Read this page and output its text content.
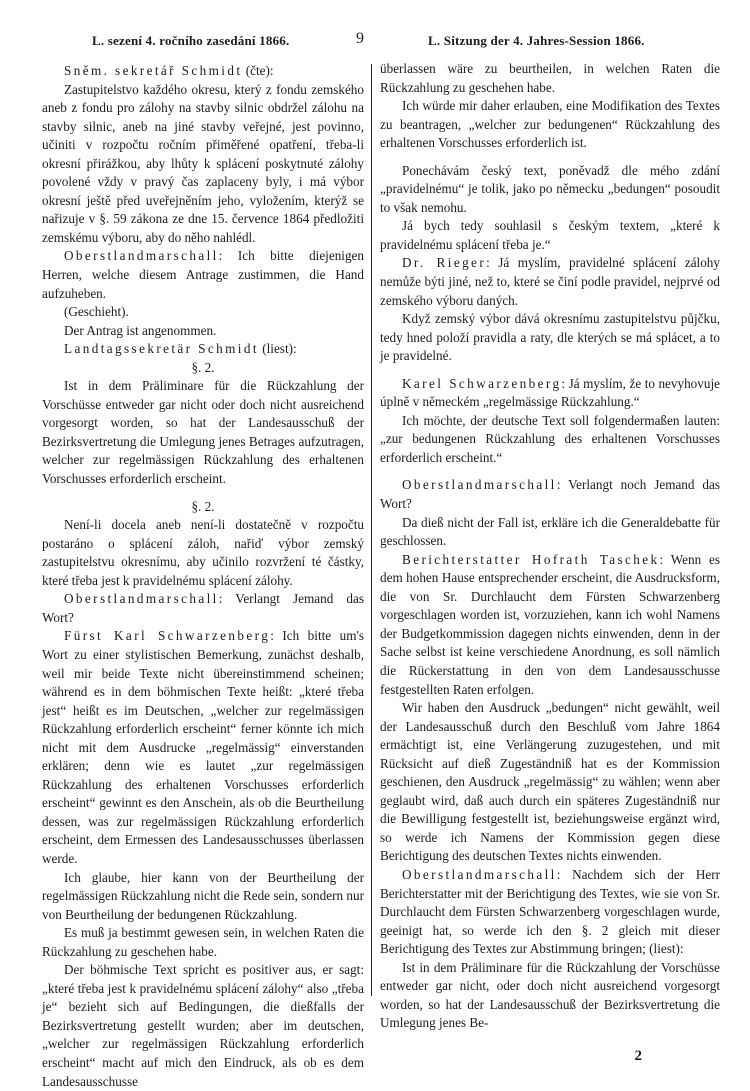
L. sezení 4. ročního zasedání 1866.	9	L. Sitzung der 4. Jahres-Session 1866.

Sněm. sekretář Schmidt (čte):

Zastupitelstvo každého okresu, který z fondu zemského aneb z fondu pro zálohy na stavby silnic obdržel zálohu na stavby silnic, aneb na jiné stavby veřejné, jest povinno, učiniti v rozpočtu ročním přiměřené opatření, třeba-li okresní přirážkou, aby lhůty k splácení poskytnuté zálohy povolené vždy v pravý čas zaplaceny byly, i má výbor okresní ještě před uveřejněním jeho, vyložením, kterýž se nařizuje v §. 59 zákona ze dne 15. července 1864 předložiti zemskému výboru, aby do něho nahlédl.

Oberstlandmarschall: Ich bitte diejenigen Herren, welche diesem Antrage zustimmen, die Hand aufzuheben.

(Geschieht).

Der Antrag ist angenommen.

Landtagssekretär Schmidt (liest):

§. 2.

Ist in dem Präliminare für die Rückzahlung der Vorschüsse entweder gar nicht oder doch nicht ausreichend vorgesorgt worden, so hat der Landesausschuß der Bezirksvertretung die Umlegung jenes Betrages aufzutragen, welcher zur regelmässigen Rückzahlung des erhaltenen Vorschusses erforderlich erscheint.

§. 2.

Není-li docela aneb není-li dostatečně v rozpočtu postaráno o splácení záloh, nařiď výbor zemský zastupitelstvu okresnímu, aby učinilo rozvržení té částky, které třeba jest k pravidelnému splácení zálohy.

Oberstlandmarschall: Verlangt Jemand das Wort?

Fürst Karl Schwarzenberg: Ich bitte um's Wort zu einer stylistischen Bemerkung, zunächst deshalb, weil mir beide Texte nicht übereinstimmend scheinen; während es in dem böhmischen Texte heißt: „které třeba jest“ heißt es im Deutschen, „welcher zur regelmässigen Rückzahlung erforderlich erscheint“ ferner könnte ich mich nicht mit dem Ausdrucke „regelmässig“ einverstanden erklären; denn wie es lautet „zur regelmässigen Rückzahlung des erhaltenen Vorschusses erforderlich erscheint“ gewinnt es den Anschein, als ob die Beurtheilung dessen, was zur regelmässigen Rückzahlung erforderlich erscheint, dem Ermessen des Landesausschusses überlassen werde.

Ich glaube, hier kann von der Beurtheilung der regelmässigen Rückzahlung nicht die Rede sein, sondern nur von Beurtheilung der bedungenen Rückzahlung.

Es muß ja bestimmt gewesen sein, in welchen Raten die Rückzahlung zu geschehen habe.

Der böhmische Text spricht es positiver aus, er sagt: „které třeba jest k pravidelnému splácení zálohy“ also „třeba je“ bezieht sich auf Bedingungen, die dießfalls der Bezirksvertretung gestellt wurden; aber im deutschen, „welcher zur regelmässigen Rückzahlung erforderlich erscheint“ macht auf mich den Eindruck, als ob es dem Landesausschusse

überlassen wäre zu beurtheilen, in welchen Raten die Rückzahlung zu geschehen habe.

Ich würde mir daher erlauben, eine Modifikation des Textes zu beantragen, „welcher zur bedungenen“ Rückzahlung des erhaltenen Vorschusses erforderlich ist.

Ponechávám český text, poněvadž dle mého zdání „pravidelnému“ je tolik, jako po německu „bedungen“ posoudit to však nemohu.

Já bych tedy souhlasil s českým textem, „které k pravidelnému splácení třeba je.“

Dr. Rieger: Já myslím, pravidelné splácení zálohy nemůže býti jiné, než to, které se činí podle pravidel, nejprvé od zemského výboru daných.

Když zemský výbor dává okresnímu zastupitelstvu půjčku, tedy hned položí pravidla a raty, dle kterých se má splácet, a to je pravidelné.

Karel Schwarzenberg: Já myslím, že to nevyhovuje úplně v německém „regelmässige Rückzahlung.“

Ich möchte, der deutsche Text soll folgendermaßen lauten: „zur bedungenen Rückzahlung des erhaltenen Vorschusses erforderlich erscheint.“

Oberstlandmarschall: Verlangt noch Jemand das Wort?

Da dieß nicht der Fall ist, erkläre ich die Generaldebatte für geschlossen.

Berichterstatter Hofrath Taschek: Wenn es dem hohen Hause entsprechender erscheint, die Ausdrucksform, die von Sr. Durchlaucht dem Fürsten Schwarzenberg vorgeschlagen worden ist, vorzuziehen, kann ich wohl Namens der Budgetkommission dagegen nichts einwenden, denn in der Sache selbst ist keine verschiedene Anordnung, es soll nämlich die Rückerstattung in den von dem Landesausschusse festgestellten Raten erfolgen.

Wir haben den Ausdruck „bedungen“ nicht gewählt, weil der Landesausschuß durch den Beschluß vom Jahre 1864 ermächtigt ist, eine Verlängerung zuzugestehen, und mit Rücksicht auf dieß Zugeständniß hat es der Kommission geschienen, den Ausdruck „regelmässig“ zu wählen; wenn aber geglaubt wird, daß auch durch ein späteres Zugeständniß nur die Bewilligung festgestellt ist, beziehungsweise ergänzt wird, so werde ich Namens der Kommission gegen diese Berichtigung des deutschen Textes nichts einwenden.

Oberstlandmarschall: Nachdem sich der Herr Berichterstatter mit der Berichtigung des Textes, wie sie von Sr. Durchlaucht dem Fürsten Schwarzenberg vorgeschlagen wurde, geeinigt hat, so werde ich den §. 2 gleich mit dieser Berichtigung des Textes zur Abstimmung bringen; (liest):

Ist in dem Präliminare für die Rückzahlung der Vorschüsse entweder gar nicht, oder doch nicht ausreichend vorgesorgt worden, so hat der Landesausschuß der Bezirksvertretung die Umlegung jenes Be-

2
